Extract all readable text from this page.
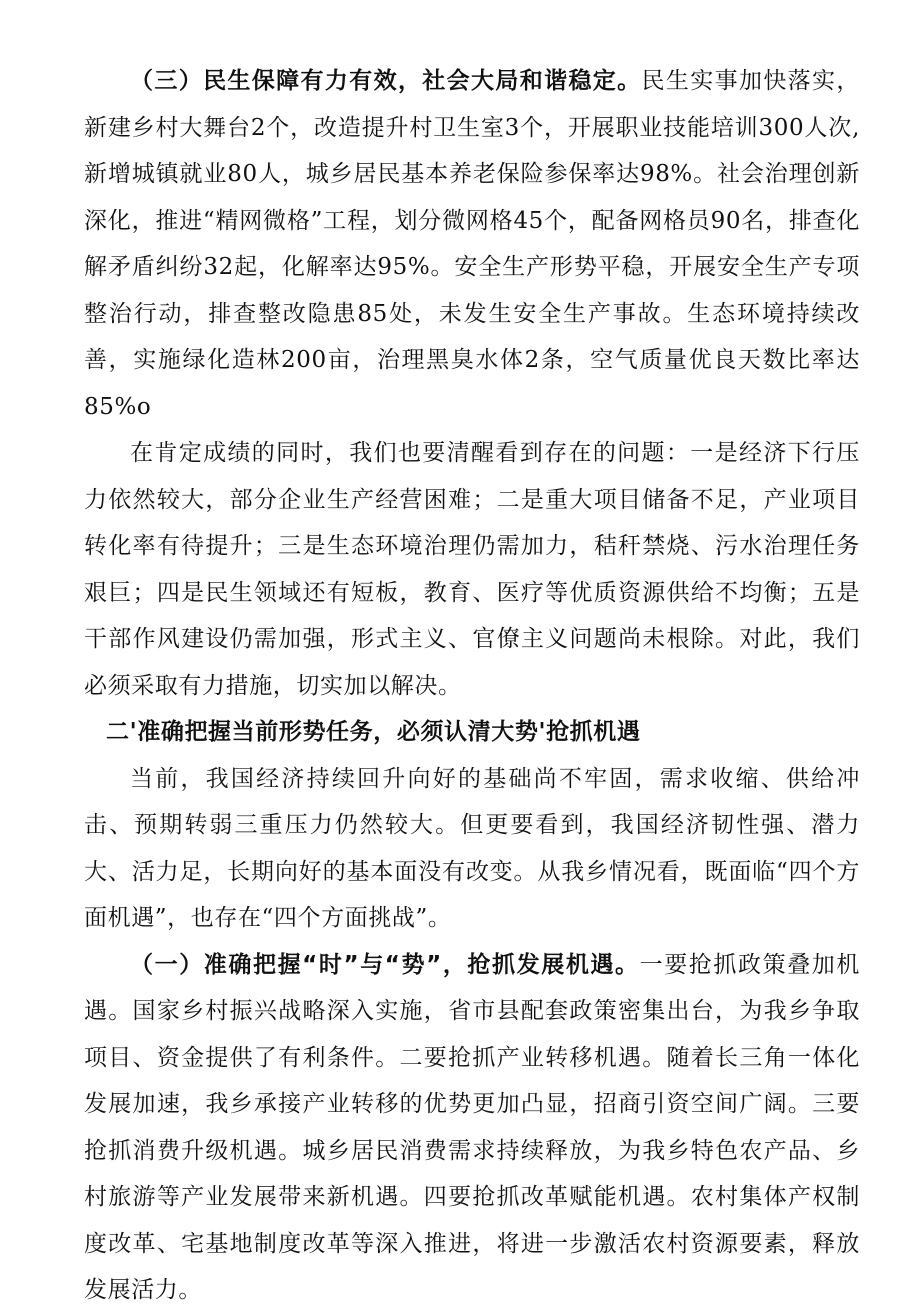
（三）民生保障有力有效，社会大局和谐稳定。民生实事加快落实，新建乡村大舞台2个，改造提升村卫生室3个，开展职业技能培训300人次,新增城镇就业80人，城乡居民基本养老保险参保率达98%。社会治理创新深化，推进“精网微格”工程，划分微网格45个，配备网格员90名，排查化解矛盾纠纷32起，化解率达95%。安全生产形势平稳，开展安全生产专项整治行动，排查整改隐患85处，未发生安全生产事故。生态环境持续改善，实施绿化造林200亩，治理黑臭水体2条，空气质量优良天数比率达85%o

在肯定成绩的同时，我们也要清醒看到存在的问题：一是经济下行压力依然较大，部分企业生产经营困难；二是重大项目储备不足，产业项目转化率有待提升；三是生态环境治理仍需加力，秸秆禁烧、污水治理任务艰巨；四是民生领域还有短板，教育、医疗等优质资源供给不均衡；五是干部作风建设仍需加强，形式主义、官僚主义问题尚未根除。对此，我们必须采取有力措施，切实加以解决。

二'准确把握当前形势任务，必须认清大势'抢抓机遇

当前，我国经济持续回升向好的基础尚不牢固，需求收缩、供给冲击、预期转弱三重压力仍然较大。但更要看到，我国经济韧性强、潜力大、活力足，长期向好的基本面没有改变。从我乡情况看，既面临“四个方面机遇”，也存在“四个方面挑战”。

（一）准确把握“时”与“势”，抢抓发展机遇。一要抢抓政策叠加机遇。国家乡村振兴战略深入实施，省市县配套政策密集出台，为我乡争取项目、资金提供了有利条件。二要抢抓产业转移机遇。随着长三角一体化发展加速，我乡承接产业转移的优势更加凸显，招商引资空间广阔。三要抢抓消费升级机遇。城乡居民消费需求持续释放，为我乡特色农产品、乡村旅游等产业发展带来新机遇。四要抢抓改革赋能机遇。农村集体产权制度改革、宅基地制度改革等深入推进，将进一步激活农村资源要素，释放发展活力。
